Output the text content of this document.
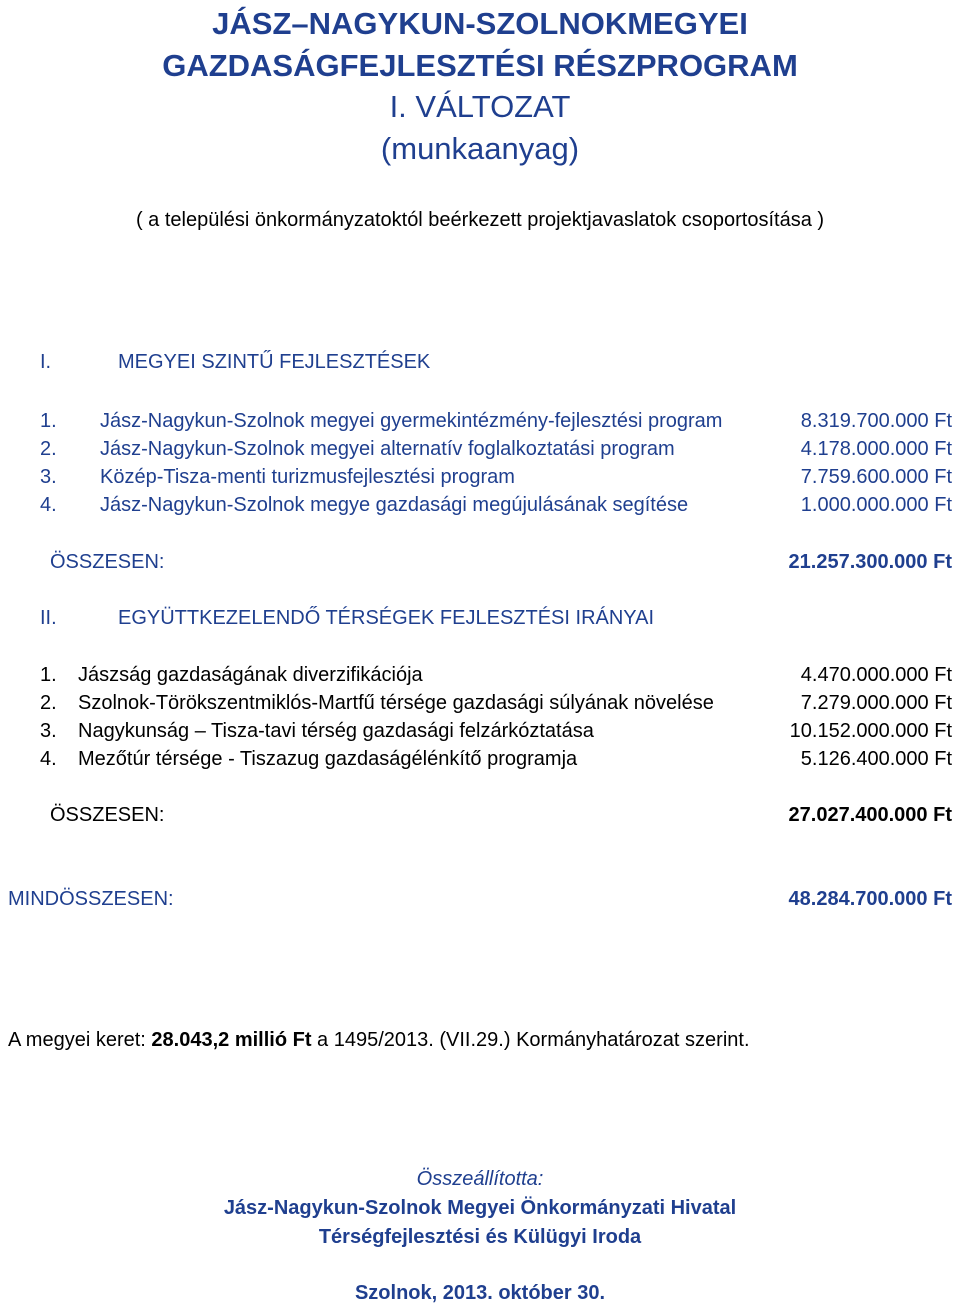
JÁSZ–NAGYKUN-SZOLNOKMEGYEI
GAZDASÁGFEJLESZTÉSI RÉSZPROGRAM
I. VÁLTOZAT
(munkaanyag)
( a települési önkormányzatoktól beérkezett projektjavaslatok csoportosítása )
I.	MEGYEI SZINTŰ FEJLESZTÉSEK
1. Jász-Nagykun-Szolnok megyei gyermekintézmény-fejlesztési program	8.319.700.000 Ft
2. Jász-Nagykun-Szolnok megyei alternatív foglalkoztatási program	4.178.000.000 Ft
3. Közép-Tisza-menti turizmusfejlesztési program	7.759.600.000 Ft
4. Jász-Nagykun-Szolnok megye gazdasági megújulásának segítése	1.000.000.000 Ft
ÖSSZESEN:	21.257.300.000 Ft
II.	EGYÜTTKEZELENDŐ TÉRSÉGEK FEJLESZTÉSI IRÁNYAI
1. Jászság gazdaságának diverzifikációja	4.470.000.000 Ft
2. Szolnok-Törökszentmiklós-Martfű térsége gazdasági súlyának növelése	7.279.000.000 Ft
3. Nagykunság – Tisza-tavi térség gazdasági felzárkóztatása	10.152.000.000 Ft
4. Mezőtúr térsége - Tiszazug gazdaságélénkítő programja	5.126.400.000 Ft
ÖSSZESEN:	27.027.400.000 Ft
MINDÖSSZESEN:	48.284.700.000 Ft
A megyei keret: 28.043,2 millió Ft a 1495/2013. (VII.29.) Kormányhatározat szerint.
Összeállította:
Jász-Nagykun-Szolnok Megyei Önkormányzati Hivatal
Térségfejlesztési és Külügyi Iroda
Szolnok, 2013. október 30.
